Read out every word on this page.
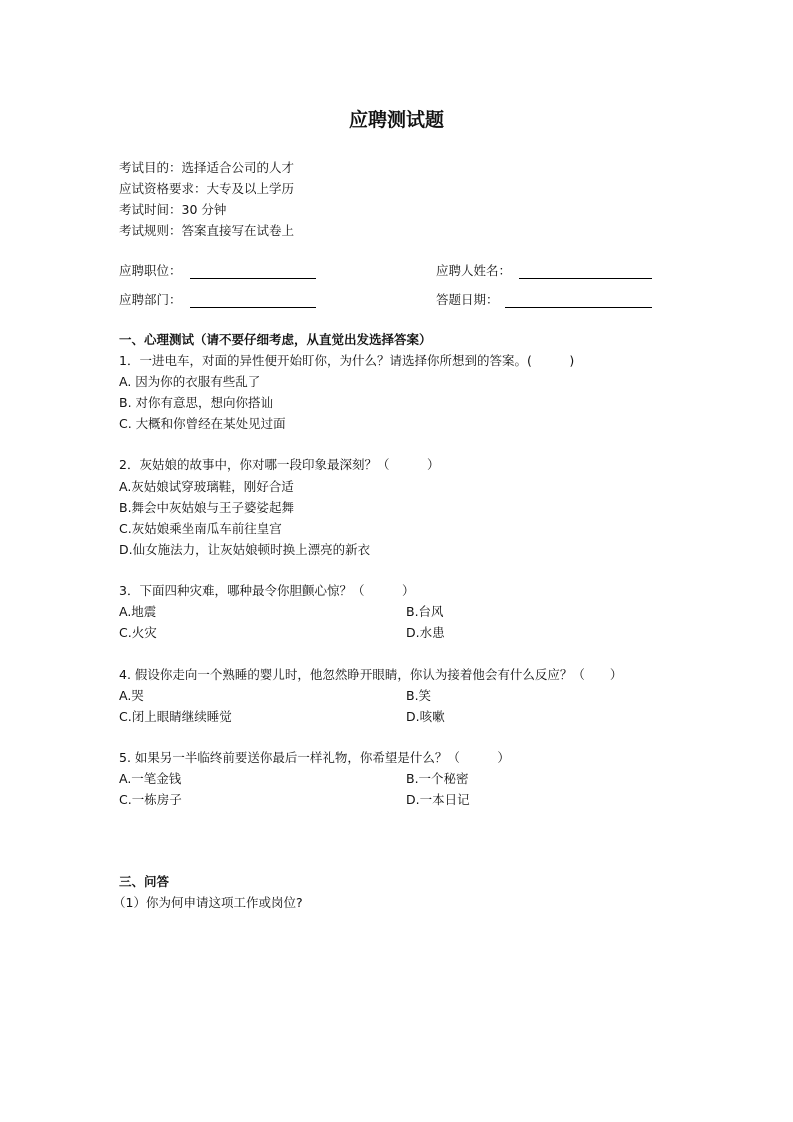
应聘测试题
考试目的：选择适合公司的人才
应试资格要求：大专及以上学历
考试时间：30 分钟
考试规则：答案直接写在试卷上
应聘职位：	应聘人姓名：
应聘部门：	答题日期：
一、心理测试（请不要仔细考虑，从直觉出发选择答案）
1．一进电车，对面的异性便开始盯你，为什么？请选择你所想到的答案。(　　　)
A. 因为你的衣服有些乱了
B. 对你有意思，想向你搭讪
C. 大概和你曾经在某处见过面
2．灰姑娘的故事中，你对哪一段印象最深刻？（　　　）
A.灰姑娘试穿玻璃鞋，刚好合适
B.舞会中灰姑娘与王子婆娑起舞
C.灰姑娘乘坐南瓜车前往皇宫
D.仙女施法力，让灰姑娘顿时换上漂亮的新衣
3．下面四种灾难，哪种最令你胆颤心惊？（　　　）
A.地震	B.台风
C.火灾	D.水患
4. 假设你走向一个熟睡的婴儿时，他忽然睁开眼睛，你认为接着他会有什么反应？（　　）
A.哭	B.笑
C.闭上眼睛继续睡觉	D.咳嗽
5. 如果另一半临终前要送你最后一样礼物，你希望是什么？（　　　）
A.一笔金钱	B.一个秘密
C.一栋房子	D.一本日记
三、问答
（1）你为何申请这项工作或岗位?
